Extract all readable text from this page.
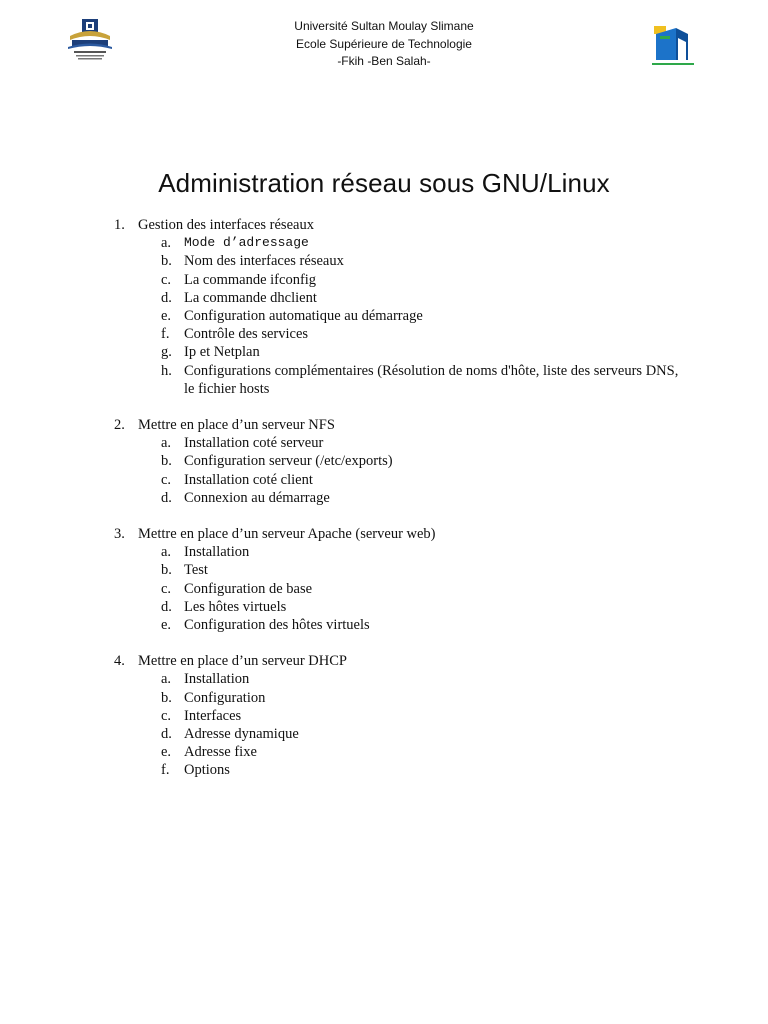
Université Sultan Moulay Slimane
Ecole Supérieure de Technologie
-Fkih -Ben Salah-
Administration réseau sous GNU/Linux
1. Gestion des interfaces réseaux
a. Mode d’adressage
b. Nom des interfaces réseaux
c. La commande ifconfig
d. La commande dhclient
e. Configuration automatique au démarrage
f. Contrôle des services
g. Ip et Netplan
h. Configurations complémentaires (Résolution de noms d'hôte, liste des serveurs DNS, le fichier hosts
2. Mettre en place d’un serveur NFS
a. Installation coté serveur
b. Configuration serveur (/etc/exports)
c. Installation coté client
d. Connexion au démarrage
3. Mettre en place d’un serveur Apache (serveur web)
a. Installation
b. Test
c. Configuration de base
d. Les hôtes virtuels
e. Configuration des hôtes virtuels
4. Mettre en place d’un serveur DHCP
a. Installation
b. Configuration
c. Interfaces
d. Adresse dynamique
e. Adresse fixe
f. Options
